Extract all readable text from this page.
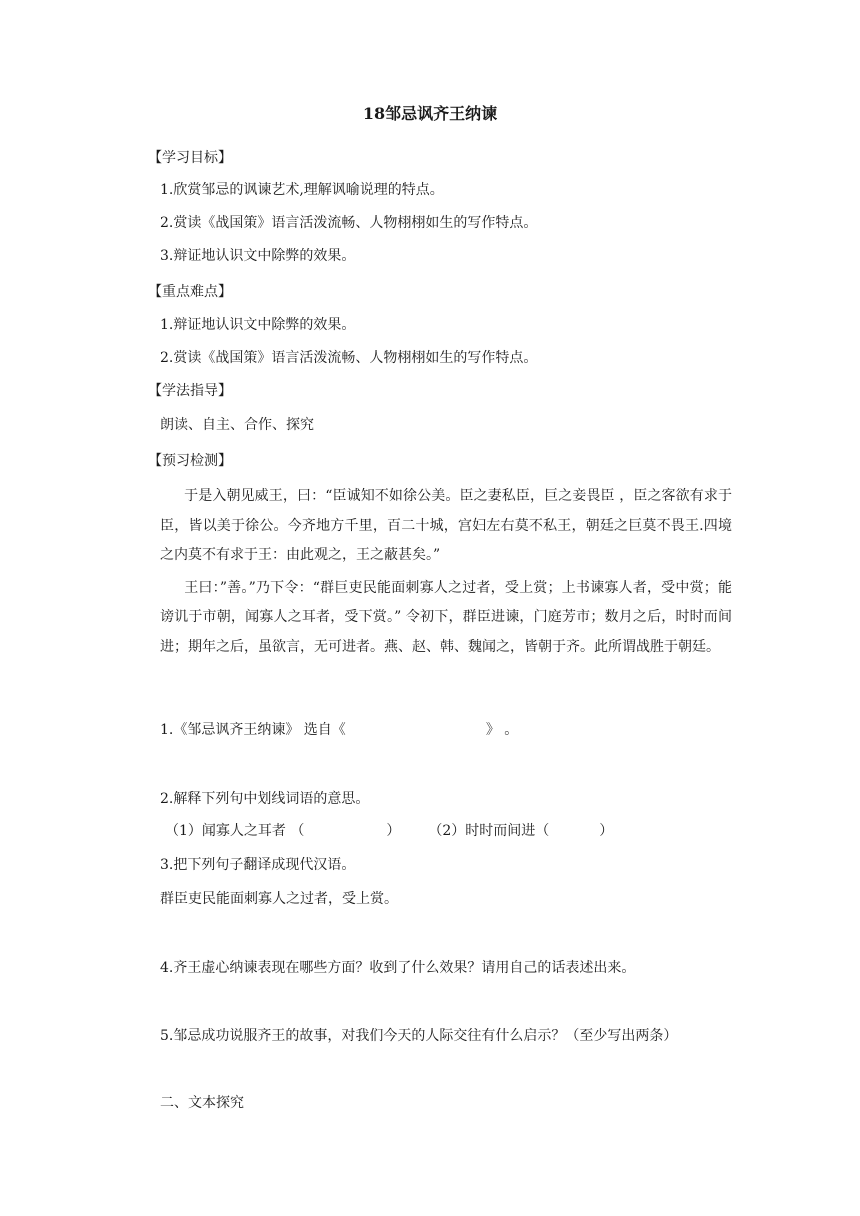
18邹忌讽齐王纳谏
【学习目标】
1.欣赏邹忌的讽谏艺术,理解讽喻说理的特点。
2.赏读《战国策》语言活泼流畅、人物栩栩如生的写作特点。
3.辩证地认识文中除弊的效果。
【重点难点】
1.辩证地认识文中除弊的效果。
2.赏读《战国策》语言活泼流畅、人物栩栩如生的写作特点。
【学法指导】
朗读、自主、合作、探究
【预习检测】

于是入朝见威王，曰：“臣诚知不如徐公美。臣之妻私臣，巨之妾畏臣 ，臣之客欲有求于臣，皆以美于徐公。今齐地方千里，百二十城，宫妇左右莫不私王，朝廷之巨莫不畏王.四境之内莫不有求于王：由此观之，王之蔽甚矣。”

王曰：”善。”乃下令：“群巨吏民能面刺寡人之过者，受上赏；上书谏寡人者，受中赏；能谤讥于市朝，闻寡人之耳者，受下赏。” 令初下，群臣进谏，门庭芳市；数月之后，时时而间进；期年之后，虽欲言，无可进者。燕、赵、韩、魏闻之，皆朝于齐。此所谓战胜于朝廷。

1.《邹忌讽齐王纳谏》 选自《	》 。
2.解释下列句中划线词语的意思。
（1）闻寡人之耳者 （	） （2）时时而间进（	）
3.把下列句子翻译成现代汉语。
群臣吏民能面刺寡人之过者，受上赏。
4.齐王虚心纳谏表现在哪些方面？收到了什么效果？请用自己的话表述出来。
5.邹忌成功说服齐王的故事，对我们今天的人际交往有什么启示？（至少写出两条）
二、文本探究
